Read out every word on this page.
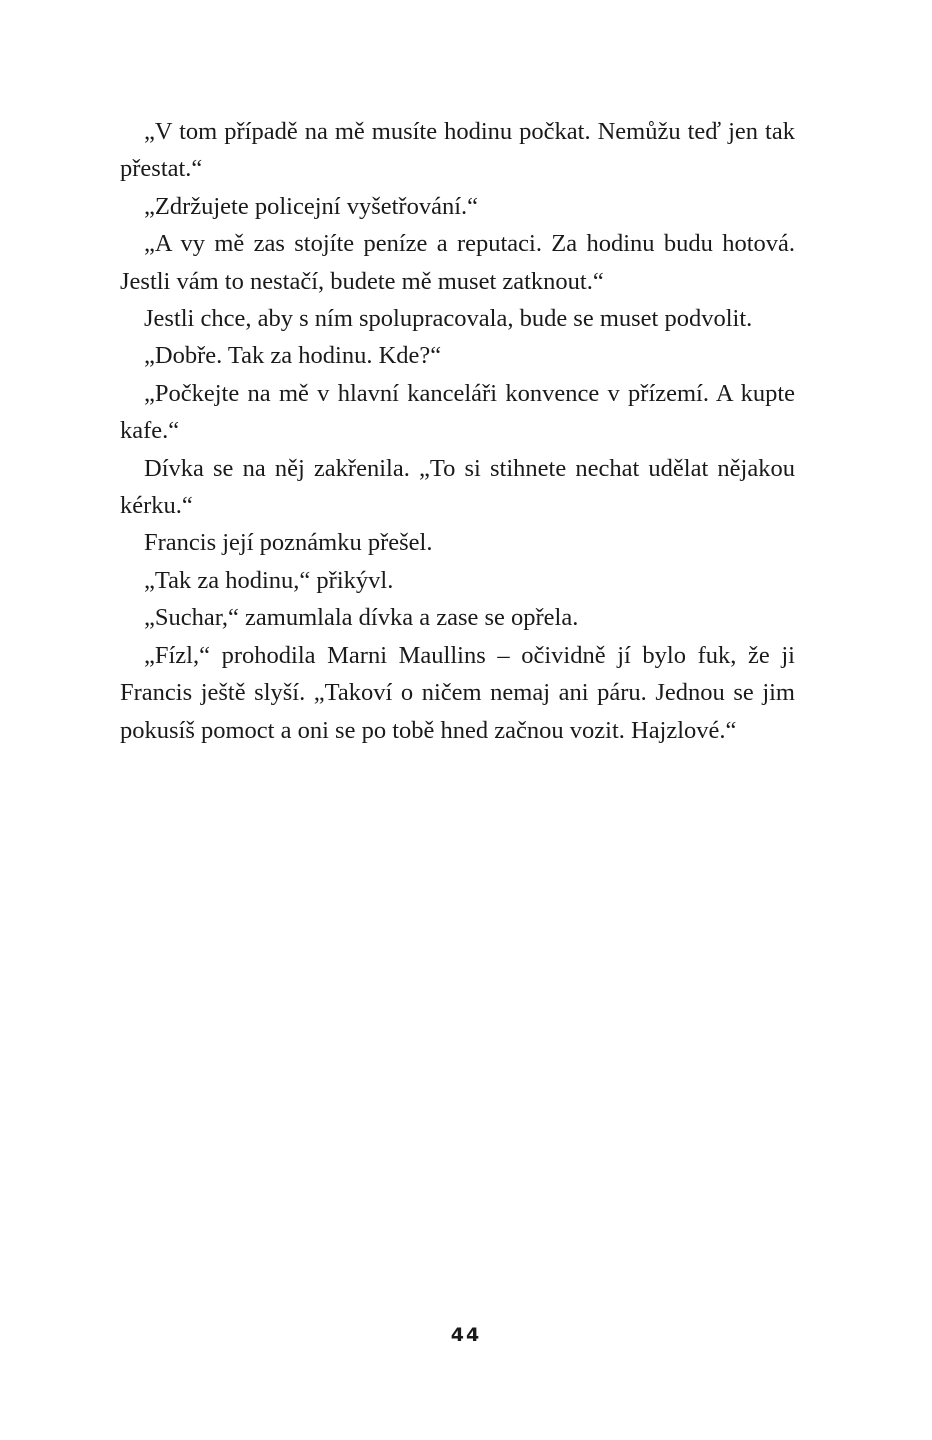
„V tom případě na mě musíte hodinu počkat. Nemůžu teď jen tak přestat.“

„Zdržujete policejní vyšetřování.“

„A vy mě zas stojíte peníze a reputaci. Za hodinu budu hotová. Jestli vám to nestačí, budete mě muset zatknout.“

Jestli chce, aby s ním spolupracovala, bude se muset podvolit.

„Dobře. Tak za hodinu. Kde?“

„Počkejte na mě v hlavní kanceláři konvence v přízemí. A kupte kafe.“

Dívka se na něj zakřenila. „To si stihnete nechat udělat nějakou kérku.“

Francis její poznámku přešel.

„Tak za hodinu,“ přikývl.

„Suchar,“ zamumlala dívka a zase se opřela.

„Fízl,“ prohodila Marni Maullins – očividně jí bylo fuk, že ji Francis ještě slyší. „Takoví o ničem nemaj ani páru. Jednou se jim pokusíš pomoct a oni se po tobě hned začnou vozit. Hajzlové.“

44
